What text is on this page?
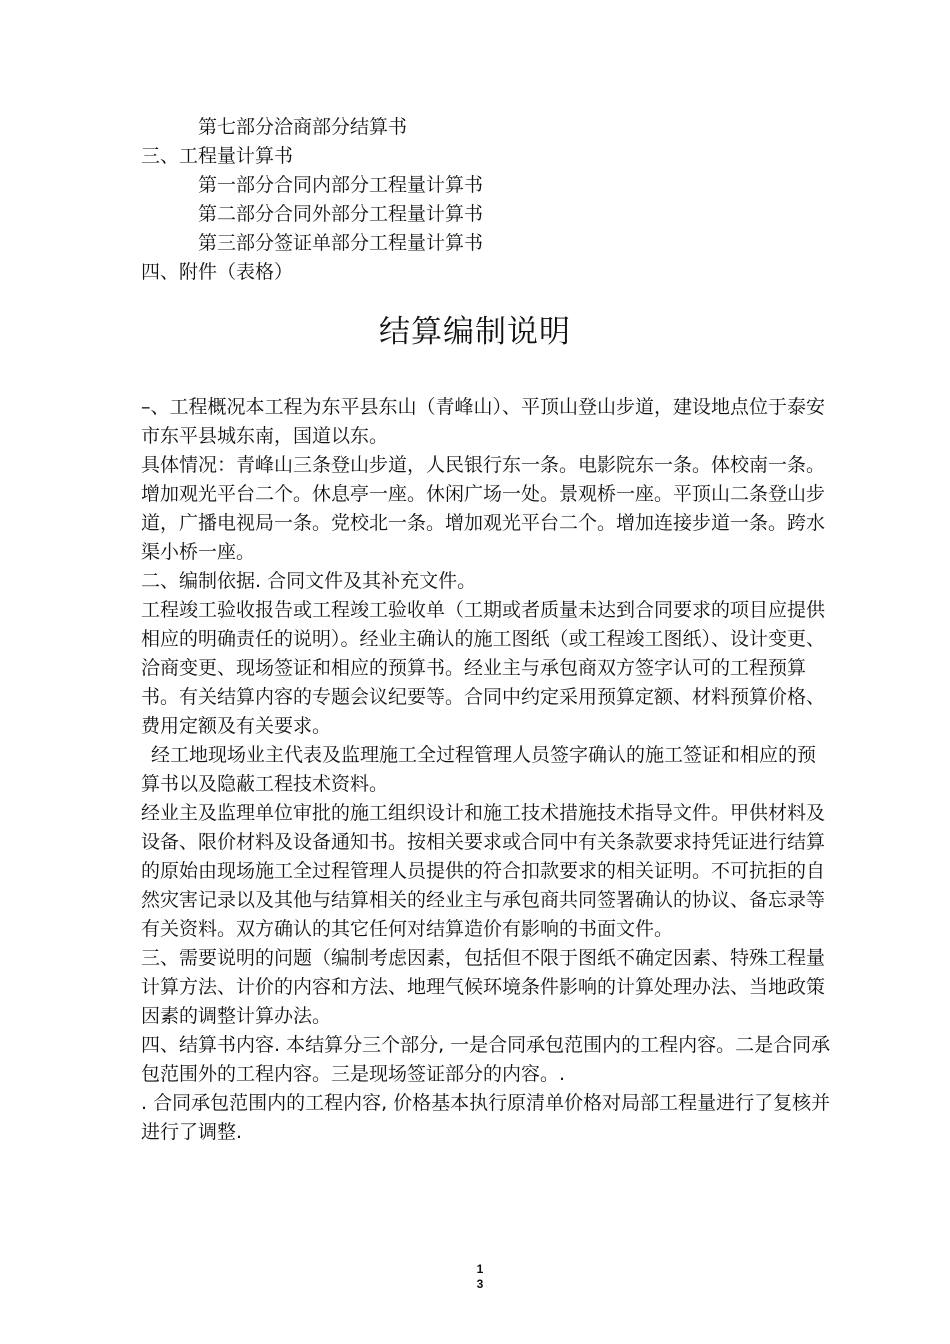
第七部分洽商部分结算书
三、工程量计算书
第一部分合同内部分工程量计算书
第二部分合同外部分工程量计算书
第三部分签证单部分工程量计算书
四、附件（表格）
结算编制说明

–、工程概况本工程为东平县东山（青峰山）、平顶山登山步道，建设地点位于泰安市东平县城东南，国道以东。

具体情况：青峰山三条登山步道，人民银行东一条。电影院东一条。体校南一条。增加观光平台二个。休息亭一座。休闲广场一处。景观桥一座。平顶山二条登山步道，广播电视局一条。党校北一条。增加观光平台二个。增加连接步道一条。跨水渠小桥一座。

二、编制依据. 合同文件及其补充文件。

工程竣工验收报告或工程竣工验收单（工期或者质量未达到合同要求的项目应提供相应的明确责任的说明）。经业主确认的施工图纸（或工程竣工图纸）、设计变更、洽商变更、现场签证和相应的预算书。经业主与承包商双方签字认可的工程预算书。有关结算内容的专题会议纪要等。合同中约定采用预算定额、材料预算价格、费用定额及有关要求。

经工地现场业主代表及监理施工全过程管理人员签字确认的施工签证和相应的预算书以及隐蔽工程技术资料。

经业主及监理单位审批的施工组织设计和施工技术措施技术指导文件。甲供材料及设备、限价材料及设备通知书。按相关要求或合同中有关条款要求持凭证进行结算的原始由现场施工全过程管理人员提供的符合扣款要求的相关证明。不可抗拒的自然灾害记录以及其他与结算相关的经业主与承包商共同签署确认的协议、备忘录等有关资料。双方确认的其它任何对结算造价有影响的书面文件。

三、需要说明的问题（编制考虑因素，包括但不限于图纸不确定因素、特殊工程量计算方法、计价的内容和方法、地理气候环境条件影响的计算处理办法、当地政策因素的调整计算办法。

四、结算书内容. 本结算分三个部分, 一是合同承包范围内的工程内容。二是合同承包范围外的工程内容。三是现场签证部分的内容。.

. 合同承包范围内的工程内容, 价格基本执行原清单价格对局部工程量进行了复核并进行了调整.

1
3
